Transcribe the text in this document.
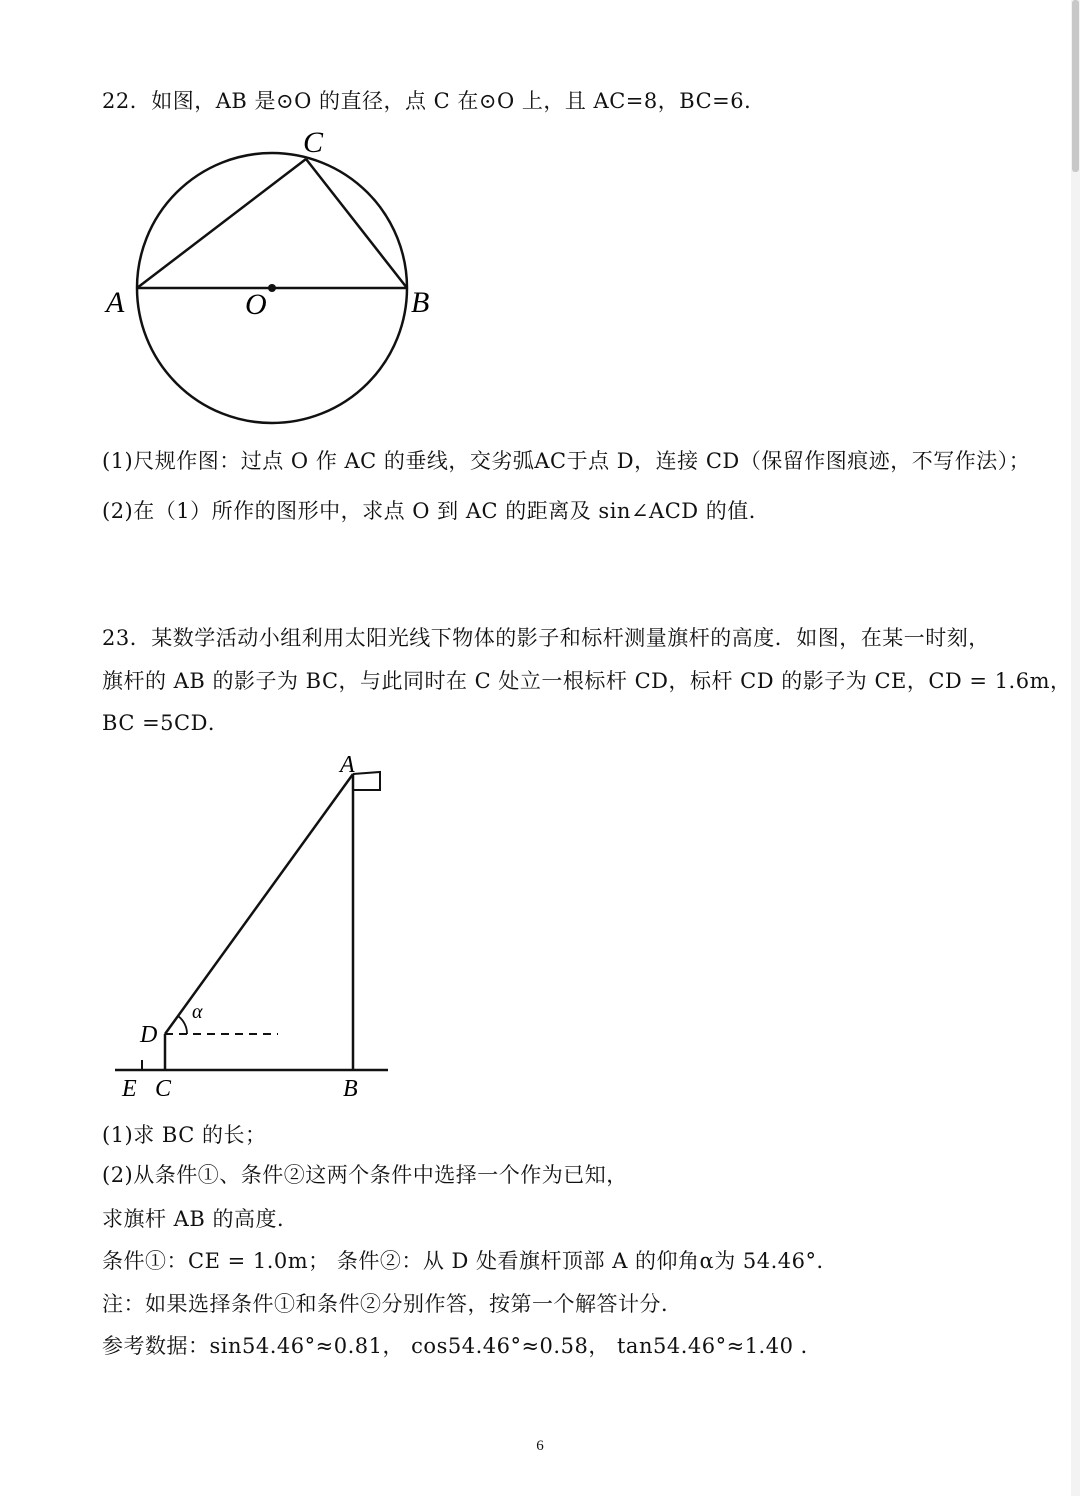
22．如图，AB 是⊙O 的直径，点 C 在⊙O 上，且 AC=8，BC=6．
C
A	O	B
(1)尺规作图：过点 O 作 AC 的垂线，交劣弧AC于点 D，连接 CD（保留作图痕迹，不写作法）；
(2)在（1）所作的图形中，求点 O 到 AC 的距离及 sin∠ACD 的值．
23．某数学活动小组利用太阳光线下物体的影子和标杆测量旗杆的高度．如图，在某一时刻，
旗杆的 AB 的影子为 BC，与此同时在 C 处立一根标杆 CD，标杆 CD 的影子为 CE，CD = 1.6m，
BC =5CD．
A
D
α
E C	B
(1)求 BC 的长；
(2)从条件①、条件②这两个条件中选择一个作为已知，
求旗杆 AB 的高度．
条件①：CE = 1.0m； 条件②：从 D 处看旗杆顶部 A 的仰角α为 54.46°．
注：如果选择条件①和条件②分别作答，按第一个解答计分．
参考数据：sin54.46°≈0.81， cos54.46°≈0.58， tan54.46°≈1.40 ．
6
